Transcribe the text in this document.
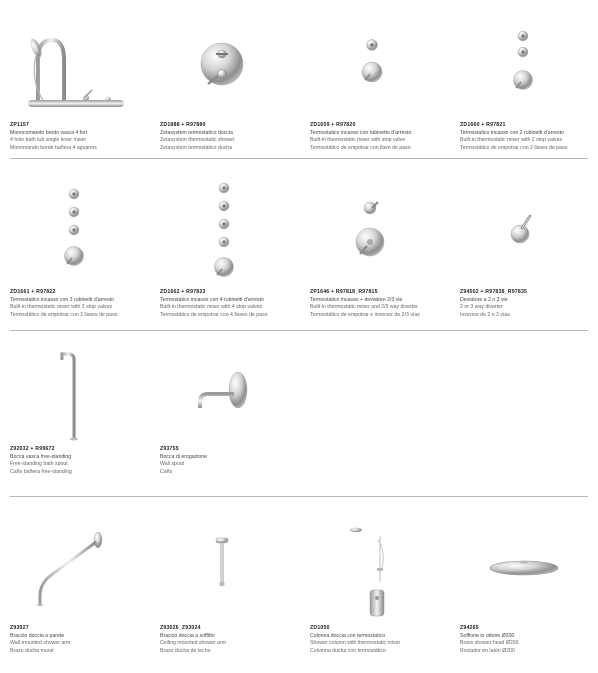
ZP1157
Monocomando bordo vasca 4 fori
4 hole bath tub single lever mixer
Monomando borde bañera 4 agujeros
ZD1888 + R97880
Zetasystem termostatico doccia
Zetasystem thermostatic shower
Zetasystem termostático ducha
ZD1659 + R97820
Termostatico incasso con rubinetto d'arresto
Built-in thermostatic mixer with stop valve
Termostático de empotrar con llave de paso
ZD1660 + R97821
Termostatico incasso con 2 rubinetti d'arresto
Built-in thermostatic mixer with 2 stop valves
Termostático de empotrar con 2 llaves de paso
ZD1661 + R97822
Termostatico incasso con 3 rubinetti d'arresto
Built-in thermostatic mixer with 3 stop valves
Termostático de empotrar con 3 llaves de paso
ZD1662 + R97823
Termostatico incasso con 4 rubinetti d'arresto
Built-in thermostatic mixer with 4 stop valves
Termostático de empotrar con 4 llaves de paso
ZP1646 + R97818_R97815
Termostatico incasso + deviatore 2/3 vie
Built-in thermostatic mixer and 2/3 way diverter
Termostático de empotrar e inversor de 2/3 vías
Z94502 + R97838_R97835
Deviatore a 2 o 3 vie
2 or 3 way diverter
Inversor de 2 o 3 vías
Z92032 + R99672
Bocca vasca free-standing
Free-standing bath spout
Caño bañera free-standing
Z93755
Bocca di erogazione
Wall spout
Caño
Z93027
Braccio doccia a parete
Wall-mounted shower arm
Brazo ducha mural
Z93026_Z93024
Braccio doccia a soffitto
Ceiling mounted shower arm
Brazo ducha de techo
ZD1050
Colonna doccia con termostatico
Shower column with thermostatic mixer
Columna ducha con termostático
Z94265
Soffione in ottone Ø200
Brass shower head Ø200
Rociador en latón Ø200
